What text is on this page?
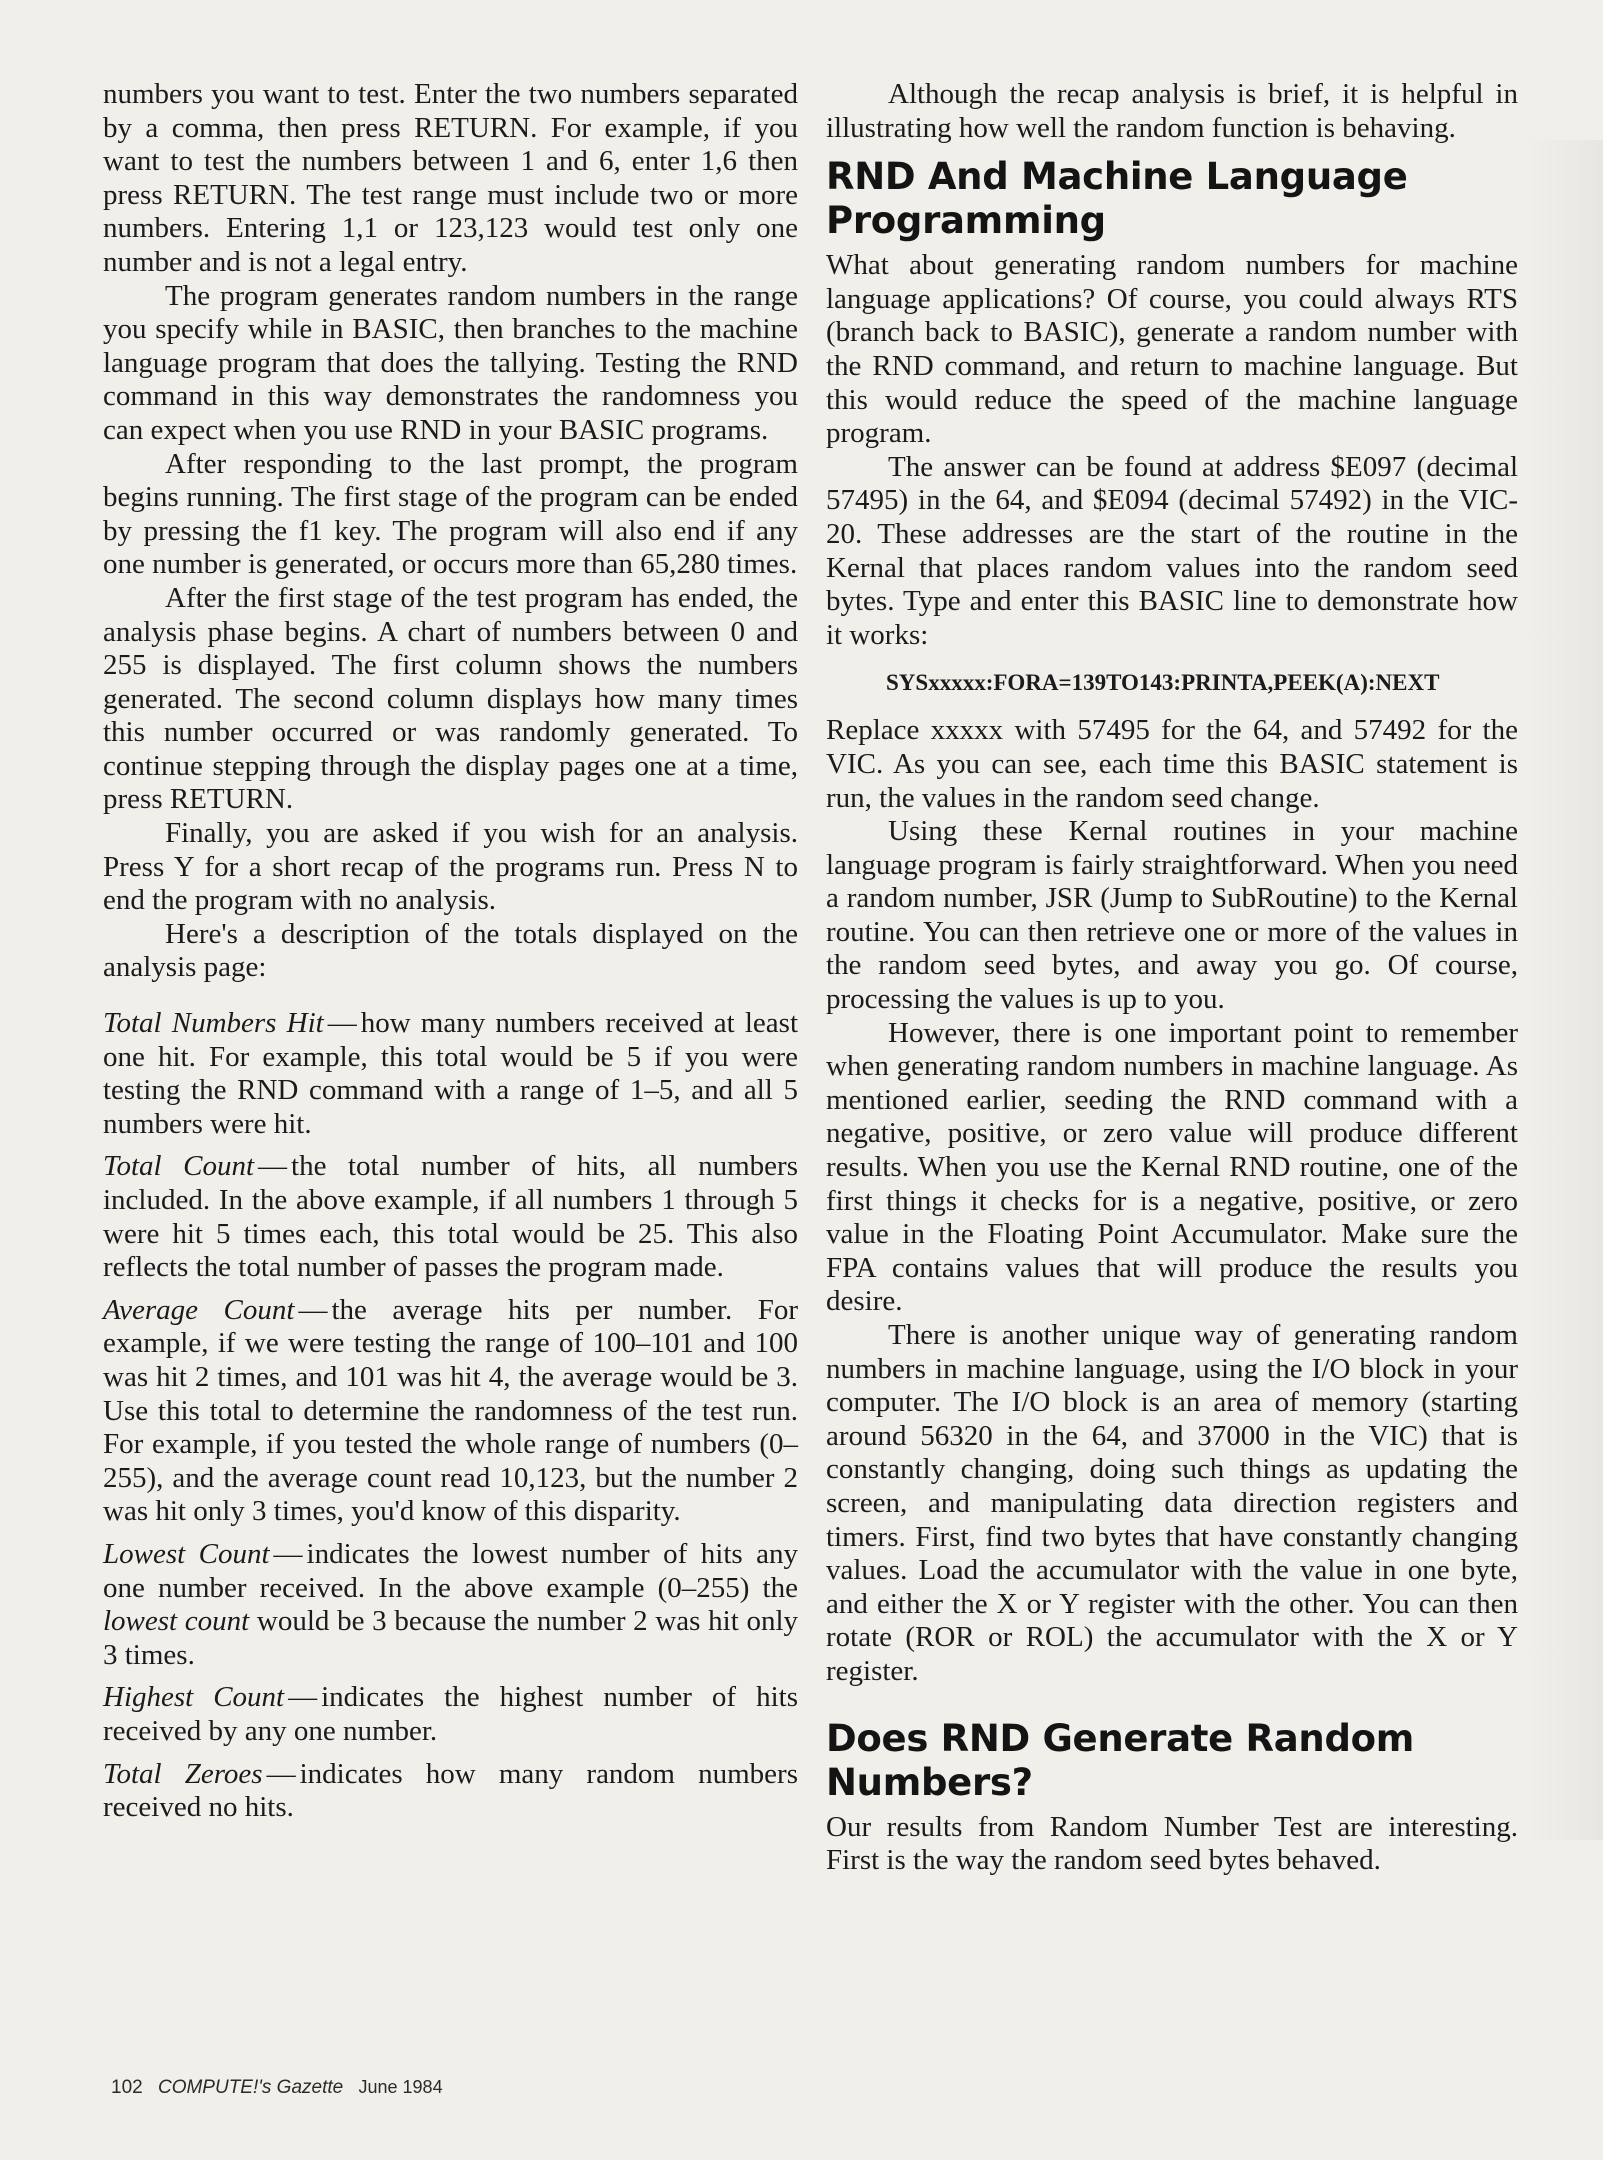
numbers you want to test. Enter the two numbers separated by a comma, then press RETURN. For example, if you want to test the numbers between 1 and 6, enter 1,6 then press RETURN. The test range must include two or more numbers. Entering 1,1 or 123,123 would test only one number and is not a legal entry.

The program generates random numbers in the range you specify while in BASIC, then branches to the machine language program that does the tallying. Testing the RND command in this way demonstrates the randomness you can expect when you use RND in your BASIC programs.

After responding to the last prompt, the program begins running. The first stage of the program can be ended by pressing the f1 key. The program will also end if any one number is generated, or occurs more than 65,280 times.

After the first stage of the test program has ended, the analysis phase begins. A chart of numbers between 0 and 255 is displayed. The first column shows the numbers generated. The second column displays how many times this number occurred or was randomly generated. To continue stepping through the display pages one at a time, press RETURN.

Finally, you are asked if you wish for an analysis. Press Y for a short recap of the programs run. Press N to end the program with no analysis.

Here's a description of the totals displayed on the analysis page:

Total Numbers Hit — how many numbers received at least one hit. For example, this total would be 5 if you were testing the RND command with a range of 1–5, and all 5 numbers were hit.

Total Count — the total number of hits, all numbers included. In the above example, if all numbers 1 through 5 were hit 5 times each, this total would be 25. This also reflects the total number of passes the program made.

Average Count — the average hits per number. For example, if we were testing the range of 100–101 and 100 was hit 2 times, and 101 was hit 4, the average would be 3. Use this total to determine the randomness of the test run. For example, if you tested the whole range of numbers (0–255), and the average count read 10,123, but the number 2 was hit only 3 times, you'd know of this disparity.

Lowest Count — indicates the lowest number of hits any one number received. In the above example (0–255) the lowest count would be 3 because the number 2 was hit only 3 times.

Highest Count — indicates the highest number of hits received by any one number.

Total Zeroes — indicates how many random numbers received no hits.

Although the recap analysis is brief, it is helpful in illustrating how well the random function is behaving.

RND And Machine Language Programming

What about generating random numbers for machine language applications? Of course, you could always RTS (branch back to BASIC), generate a random number with the RND command, and return to machine language. But this would reduce the speed of the machine language program.

The answer can be found at address $E097 (decimal 57495) in the 64, and $E094 (decimal 57492) in the VIC-20. These addresses are the start of the routine in the Kernal that places random values into the random seed bytes. Type and enter this BASIC line to demonstrate how it works:

SYSxxxxx:FORA=139TO143:PRINTA,PEEK(A):NEXT

Replace xxxxx with 57495 for the 64, and 57492 for the VIC. As you can see, each time this BASIC statement is run, the values in the random seed change.

Using these Kernal routines in your machine language program is fairly straightforward. When you need a random number, JSR (Jump to SubRoutine) to the Kernal routine. You can then retrieve one or more of the values in the random seed bytes, and away you go. Of course, processing the values is up to you.

However, there is one important point to remember when generating random numbers in machine language. As mentioned earlier, seeding the RND command with a negative, positive, or zero value will produce different results. When you use the Kernal RND routine, one of the first things it checks for is a negative, positive, or zero value in the Floating Point Accumulator. Make sure the FPA contains values that will produce the results you desire.

There is another unique way of generating random numbers in machine language, using the I/O block in your computer. The I/O block is an area of memory (starting around 56320 in the 64, and 37000 in the VIC) that is constantly changing, doing such things as updating the screen, and manipulating data direction registers and timers. First, find two bytes that have constantly changing values. Load the accumulator with the value in one byte, and either the X or Y register with the other. You can then rotate (ROR or ROL) the accumulator with the X or Y register.

Does RND Generate Random Numbers?

Our results from Random Number Test are interesting. First is the way the random seed bytes behaved.

102 COMPUTE!'s Gazette June 1984
